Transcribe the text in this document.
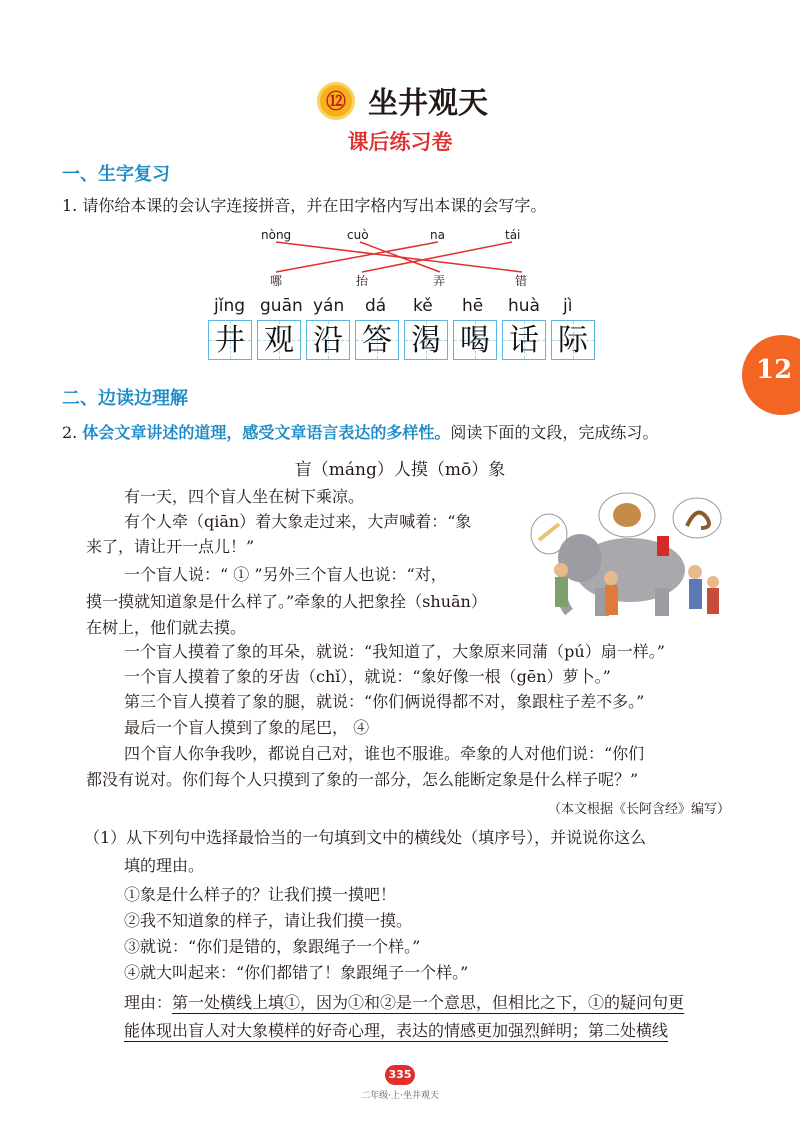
⑫ 坐井观天
课后练习卷
一、生字复习
1. 请你给本课的会认字连接拼音，并在田字格内写出本课的会写字。
nòng	cuò	na	tái
哪	抬	弄	错
jǐng guān yán dá kě hē huà jì
井 观 沿 答 渴 喝 话 际
12
二、边读边理解
2. 体会文章讲述的道理，感受文章语言表达的多样性。阅读下面的文段，完成练习。
盲（máng）人摸（mō）象
有一天，四个盲人坐在树下乘凉。
有个人牵（qiān）着大象走过来，大声喊着：“象
来了，请让开一点儿！”
一个盲人说：“ ① ”另外三个盲人也说：“对，
摸一摸就知道象是什么样了。”牵象的人把象拴（shuān）
在树上，他们就去摸。
一个盲人摸着了象的耳朵，就说：“我知道了，大象原来同蒲（pú）扇一样。”
一个盲人摸着了象的牙齿（chǐ），就说：“象好像一根（gēn）萝卜。”
第三个盲人摸着了象的腿，就说：“你们俩说得都不对，象跟柱子差不多。”
最后一个盲人摸到了象的尾巴， ④
四个盲人你争我吵，都说自己对，谁也不服谁。牵象的人对他们说：“你们
都没有说对。你们每个人只摸到了象的一部分，怎么能断定象是什么样子呢？”
（本文根据《长阿含经》编写）
（1）从下列句中选择最恰当的一句填到文中的横线处（填序号），并说说你这么
填的理由。
①象是什么样子的？让我们摸一摸吧！
②我不知道象的样子，请让我们摸一摸。
③就说：“你们是错的，象跟绳子一个样。”
④就大叫起来：“你们都错了！象跟绳子一个样。”
理由：第一处横线上填①，因为①和②是一个意思，但相比之下，①的疑问句更
能体现出盲人对大象模样的好奇心理，表达的情感更加强烈鲜明；第二处横线
335
二年级·上·坐井观天
